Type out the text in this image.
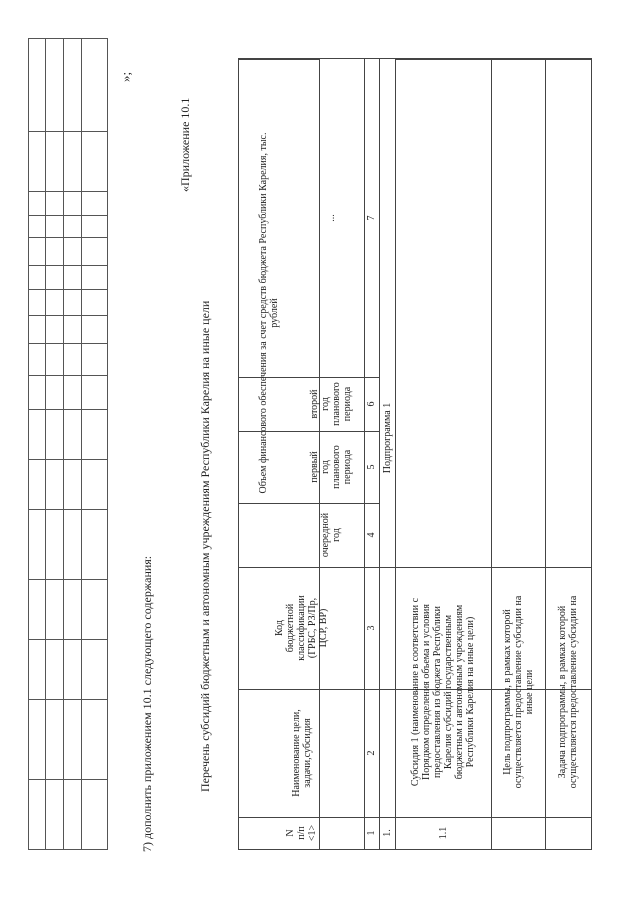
»;
7) дополнить приложением 10.1 следующего содержания:
«Приложение 10.1
Перечень субсидий бюджетным и автономным учреждениям Республики Карелия на иные цели
N п/п <1>
Наименование цели, задачи,субсидия
Код бюджетной классификации (ГРБС, РЗ/Пр, ЦСР, ВР)
Объем финансового обеспечения за счет средств бюджета Республики Карелия, тыс. рублей
очередной год
первый год планового периода
второй год планового периода
...
1
2
3
4
5
6
7
1.
Подпрограмма 1
1.1
Субсидия 1 (наименование в соответствии с Порядком определения объема и условия предоставления из бюджета Республики Карелия субсидий государственным бюджетным и автономным учреждениям Республики Карелия на иные цели)	Цель подпрограммы, в рамках которой осуществляется предоставление субсидии на иные цели Задача подпрограммы, в рамках которой осуществляется предоставление субсидии на
